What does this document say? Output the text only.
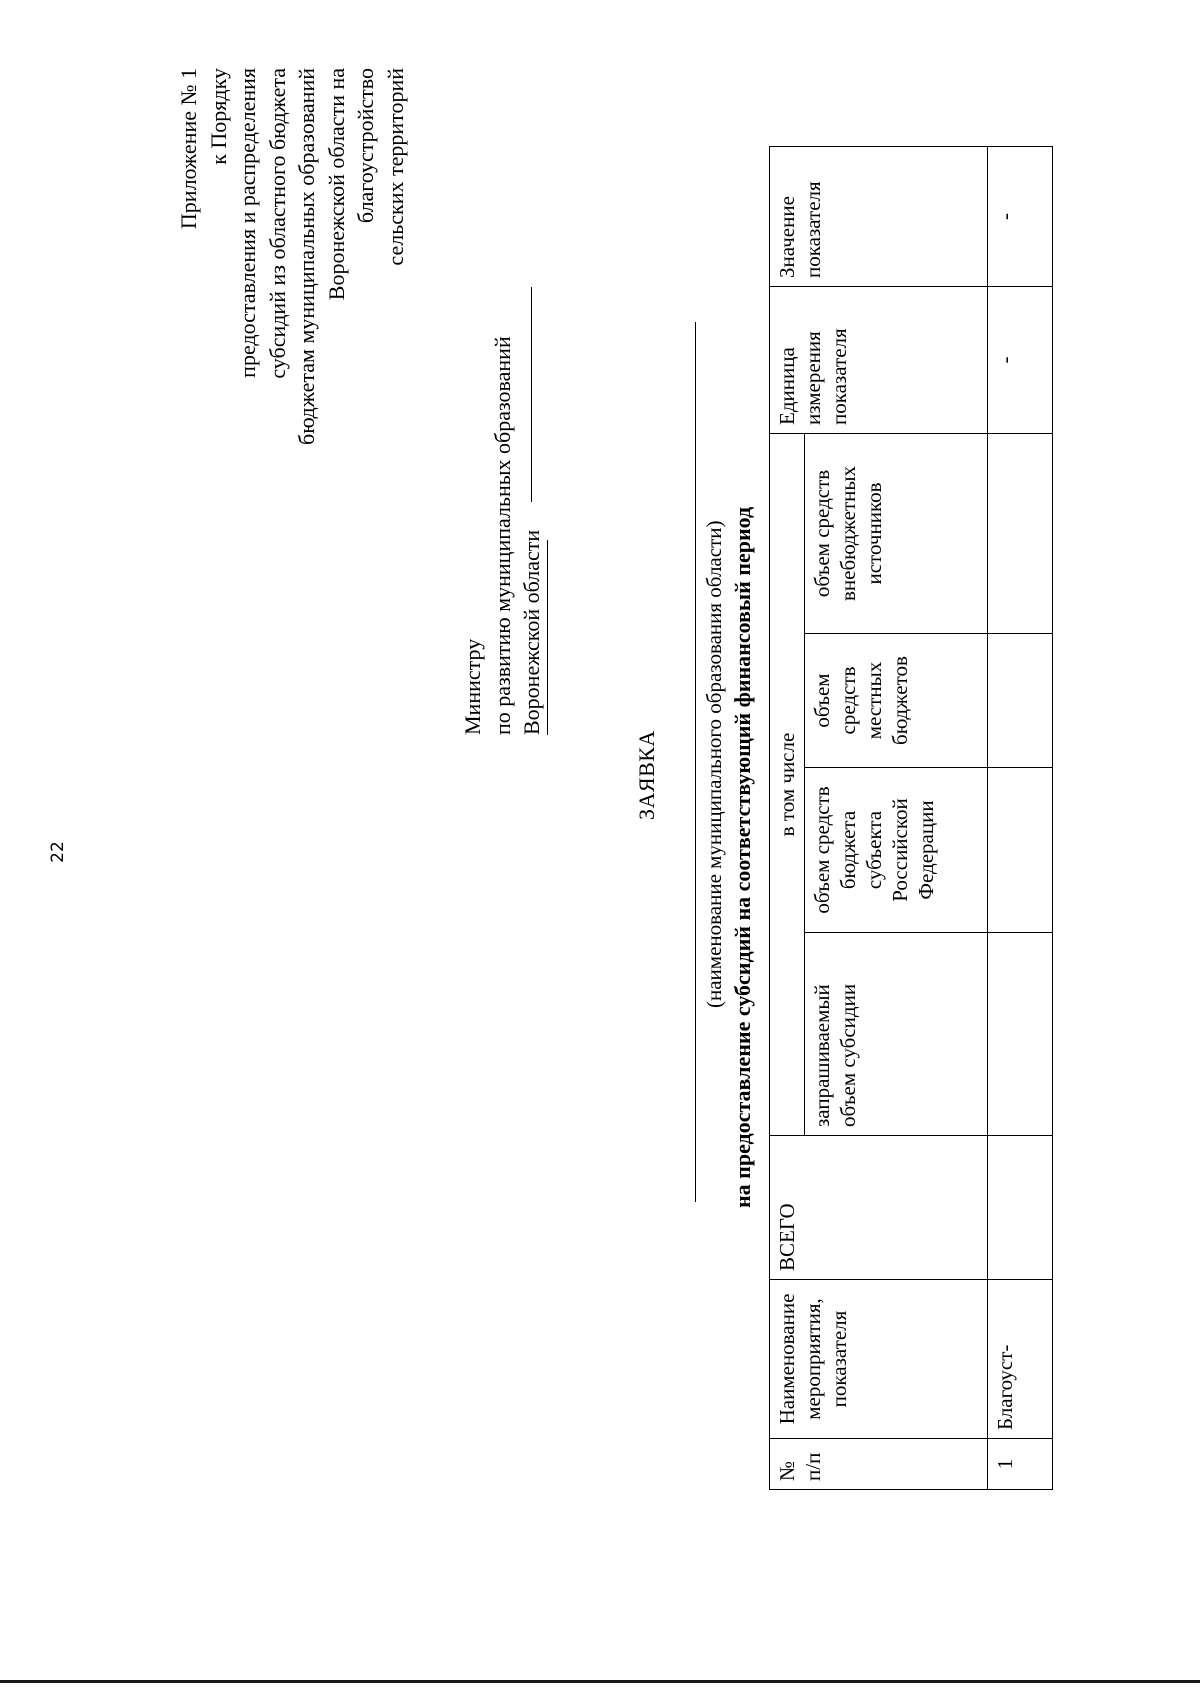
22
Приложение № 1 к Порядку предоставления и распределения субсидий из областного бюджета бюджетам муниципальных образований Воронежской области на благоустройство сельских территорий
Министру по развитию муниципальных образований Воронежской области
ЗАЯВКА (наименование муниципального образования области) на предоставление субсидий на соответствующий финансовый период
№ п/п	Наименование мероприятия, показателя	ВСЕГО	в том числе				Единица измерения показателя	Значение показателя
			запрашиваемый объем субсидии	объем средств бюджета субъекта Российской Федерации	объем средств местных бюджетов	объем средств внебюджетных источников		
1	Благоуст-						-	-
